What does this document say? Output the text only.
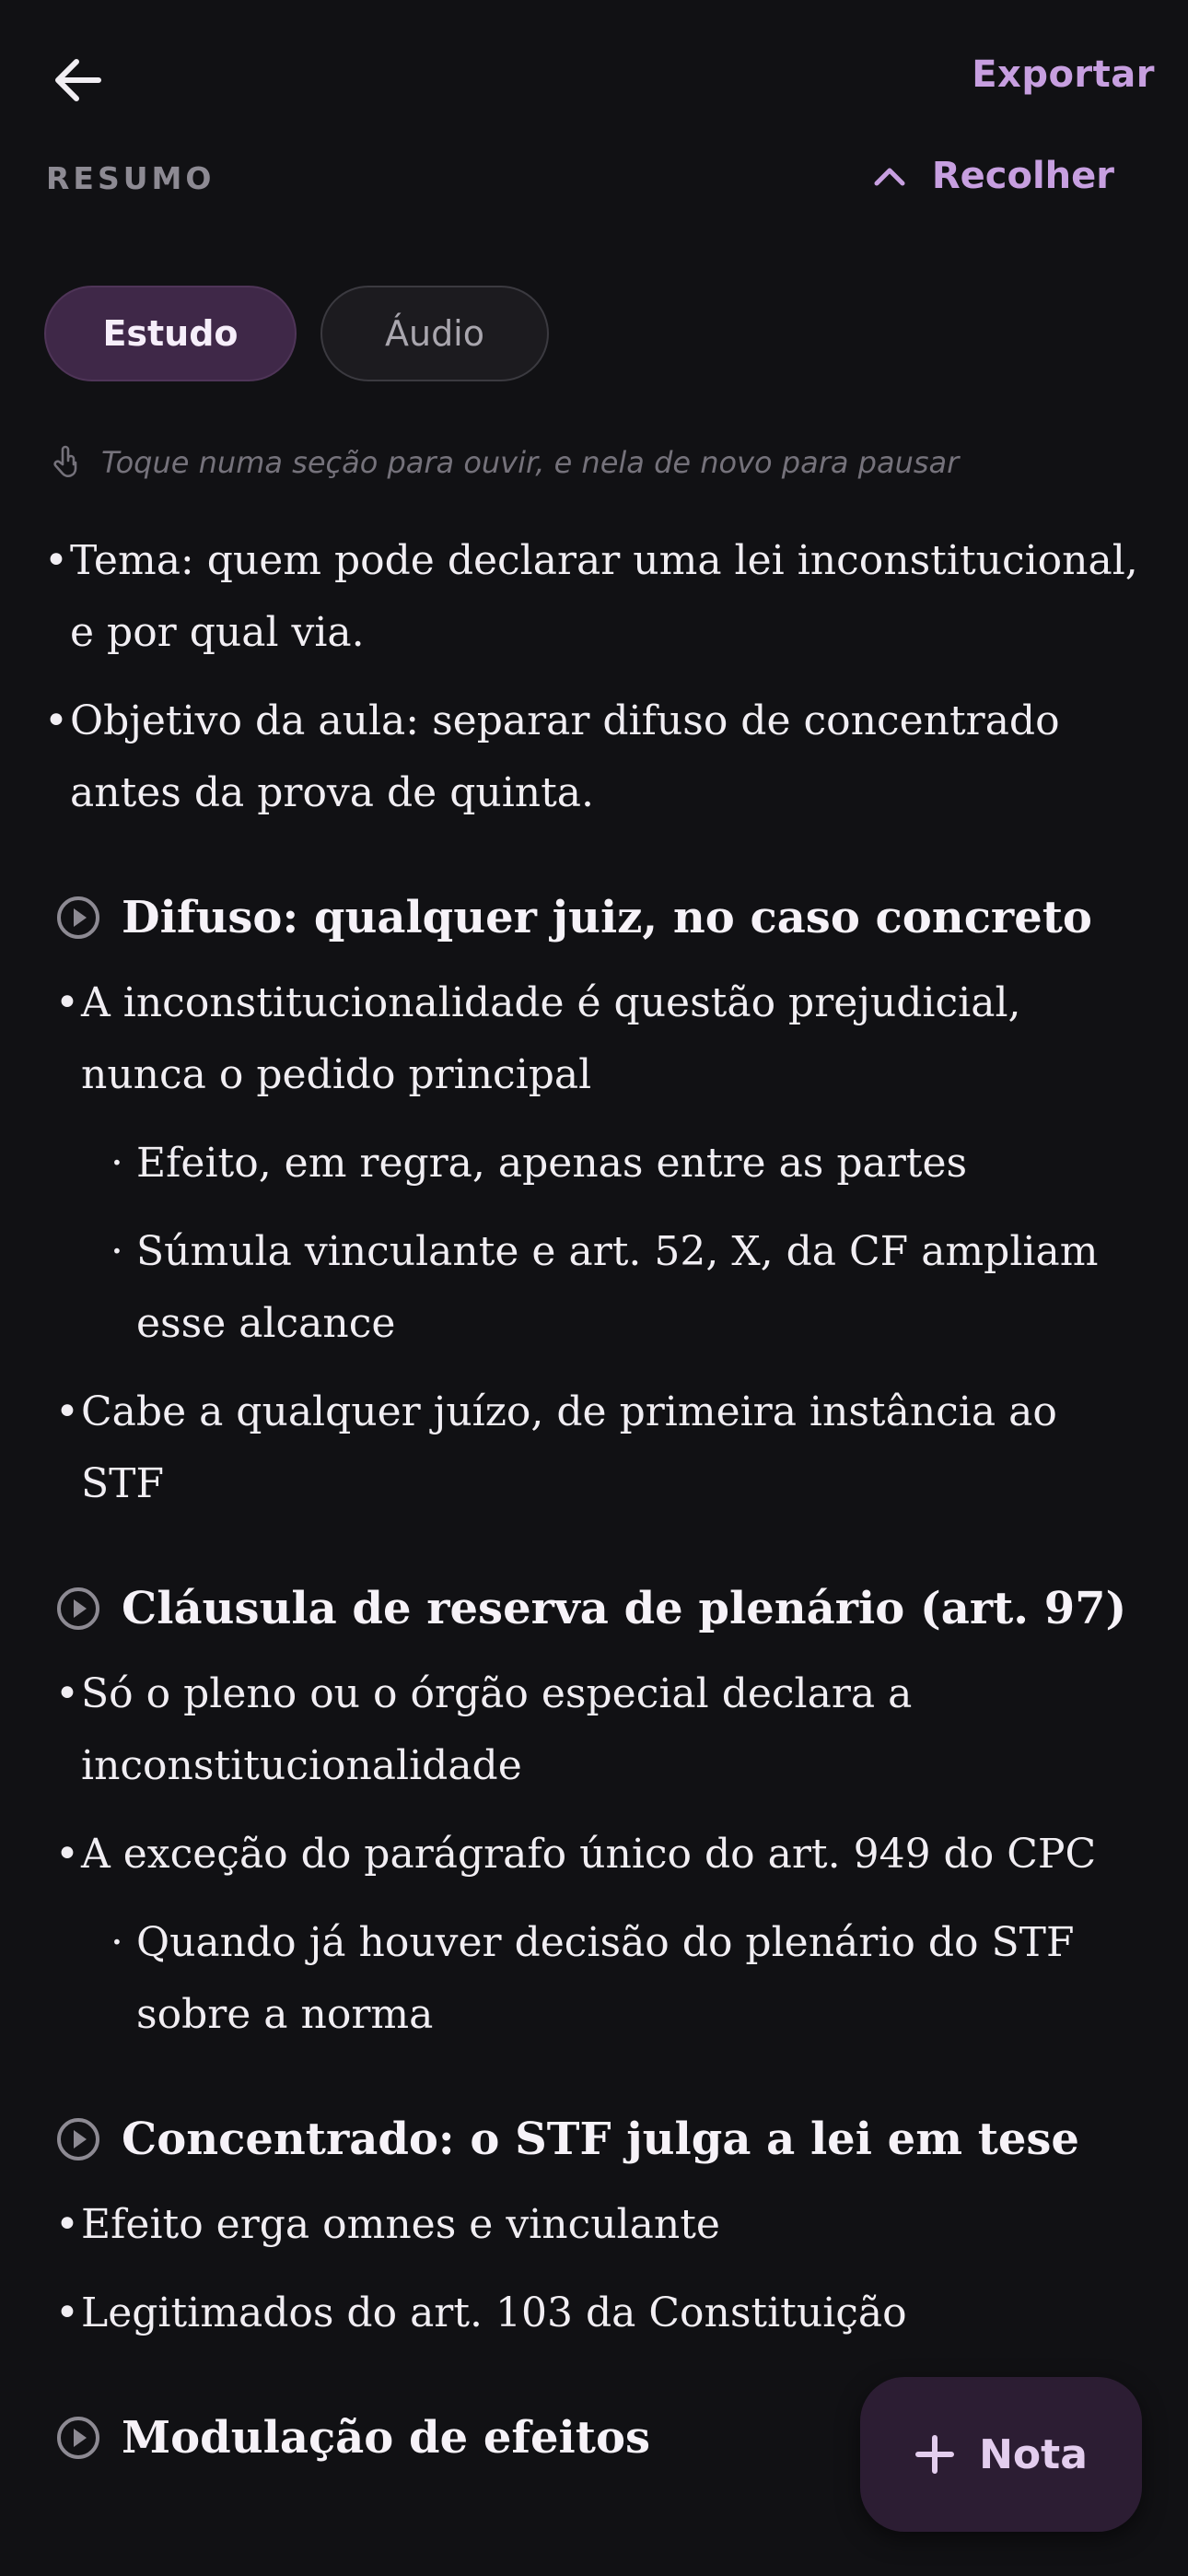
Exportar
RESUMO	Recolher
Estudo	Áudio
Toque numa seção para ouvir, e nela de novo para pausar
• Tema: quem pode declarar uma lei inconstitucional, e por qual via.
• Objetivo da aula: separar difuso de concentrado antes da prova de quinta.
Difuso: qualquer juiz, no caso concreto
• A inconstitucionalidade é questão prejudicial, nunca o pedido principal
· Efeito, em regra, apenas entre as partes
· Súmula vinculante e art. 52, X, da CF ampliam esse alcance
• Cabe a qualquer juízo, de primeira instância ao STF
Cláusula de reserva de plenário (art. 97)
• Só o pleno ou o órgão especial declara a inconstitucionalidade
• A exceção do parágrafo único do art. 949 do CPC
· Quando já houver decisão do plenário do STF sobre a norma
Concentrado: o STF julga a lei em tese
• Efeito erga omnes e vinculante
• Legitimados do art. 103 da Constituição
Modulação de efeitos	Nota
